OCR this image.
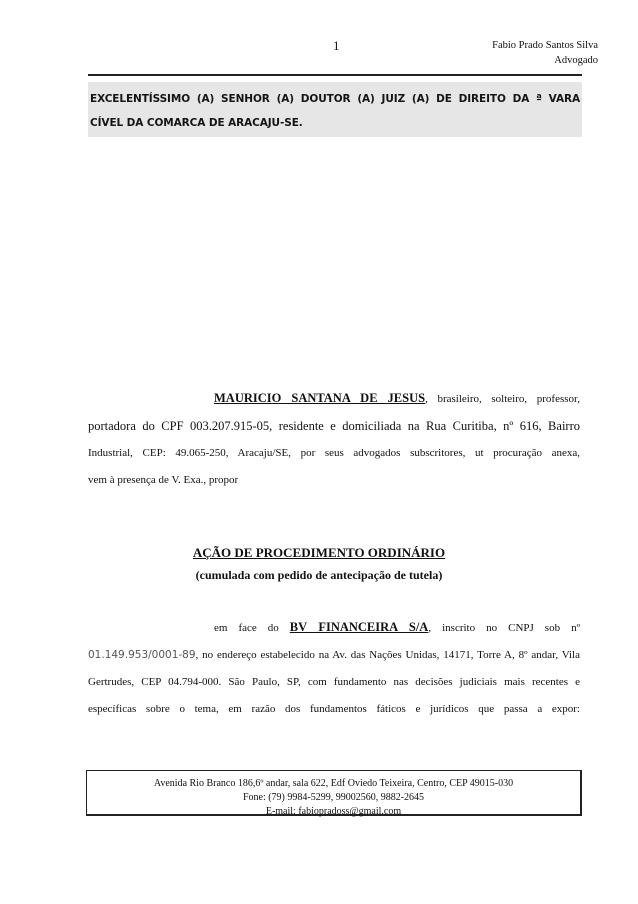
1	Fabio Prado Santos Silva
Advogado
EXCELENTÍSSIMO (A) SENHOR (A) DOUTOR (A) JUIZ (A) DE DIREITO DA ª VARA
CÍVEL DA COMARCA DE ARACAJU-SE.
MAURICIO SANTANA DE JESUS, brasileiro, solteiro, professor,
portadora do CPF 003.207.915-05, residente e domiciliada na Rua Curitiba, nº 616, Bairro
Industrial, CEP: 49.065-250, Aracaju/SE, por seus advogados subscritores, ut procuração anexa,
vem à presença de V. Exa., propor
AÇÃO DE PROCEDIMENTO ORDINÁRIO
(cumulada com pedido de antecipação de tutela)
em face do BV FINANCEIRA S/A, inscrito no CNPJ sob nº
01.149.953/0001-89, no endereço estabelecido na Av. das Nações Unidas, 14171, Torre A, 8º andar, Vila
Gertrudes, CEP 04.794-000. São Paulo, SP, com fundamento nas decisões judiciais mais recentes e
específicas sobre o tema, em razão dos fundamentos fáticos e jurídicos que passa a expor:
Avenida Rio Branco 186,6º andar, sala 622, Edf Oviedo Teixeira, Centro, CEP 49015-030
Fone: (79) 9984-5299, 99002560, 9882-2645
E-mail: fabiopradoss@gmail.com
